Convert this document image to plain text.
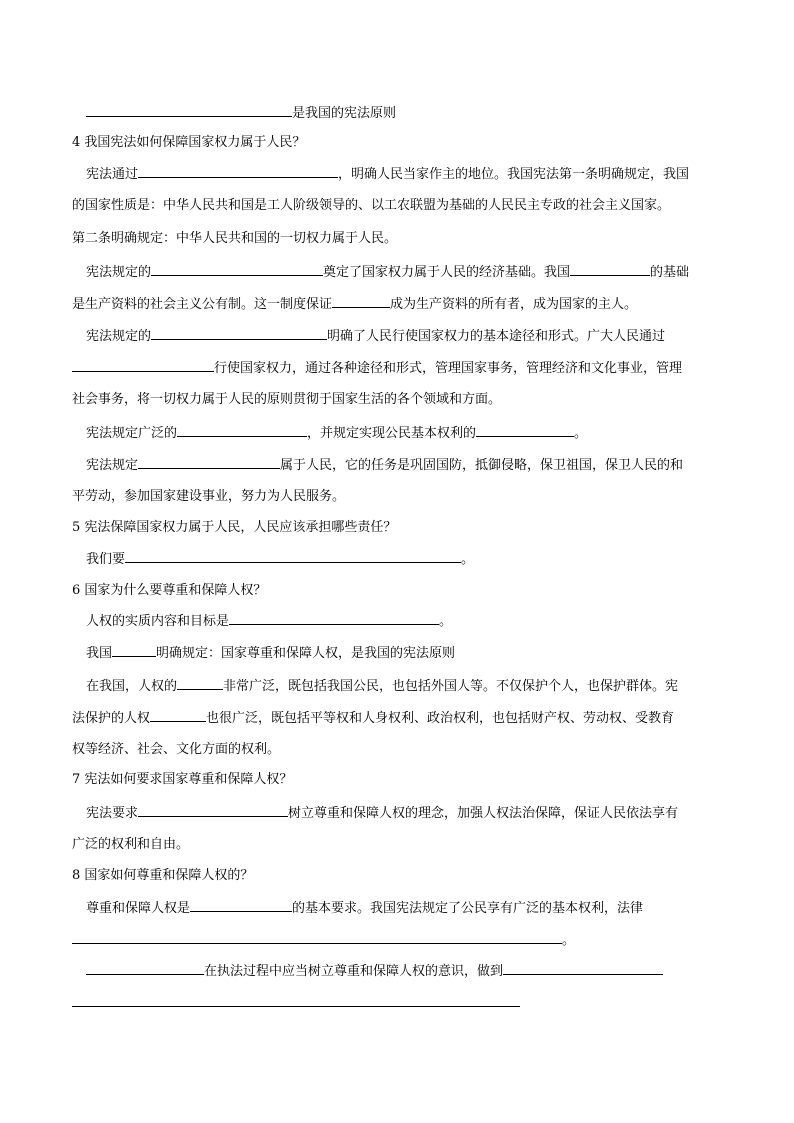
是我国的宪法原则
4 我国宪法如何保障国家权力属于人民？
宪法通过	，明确人民当家作主的地位。我国宪法第一条明确规定，我国
的国家性质是：中华人民共和国是工人阶级领导的、以工农联盟为基础的人民民主专政的社会主义国家。
第二条明确规定：中华人民共和国的一切权力属于人民。
宪法规定的	奠定了国家权力属于人民的经济基础。我国	的基础
是生产资料的社会主义公有制。这一制度保证	成为生产资料的所有者，成为国家的主人。
宪法规定的	明确了人民行使国家权力的基本途径和形式。广大人民通过
行使国家权力，通过各种途径和形式，管理国家事务，管理经济和文化事业，管理
社会事务，将一切权力属于人民的原则贯彻于国家生活的各个领域和方面。
宪法规定广泛的	，并规定实现公民基本权利的	。
宪法规定	属于人民，它的任务是巩固国防，抵御侵略，保卫祖国，保卫人民的和
平劳动，参加国家建设事业，努力为人民服务。
5 宪法保障国家权力属于人民，人民应该承担哪些责任？
我们要	。
6 国家为什么要尊重和保障人权？
人权的实质内容和目标是	。
我国	明确规定：国家尊重和保障人权，是我国的宪法原则
在我国，人权的	非常广泛，既包括我国公民，也包括外国人等。不仅保护个人，也保护群体。宪
法保护的人权	也很广泛，既包括平等权和人身权利、政治权利，也包括财产权、劳动权、受教育
权等经济、社会、文化方面的权利。
7 宪法如何要求国家尊重和保障人权？
宪法要求	树立尊重和保障人权的理念，加强人权法治保障，保证人民依法享有
广泛的权利和自由。
8 国家如何尊重和保障人权的？
尊重和保障人权是	的基本要求。我国宪法规定了公民享有广泛的基本权利，法律
。
在执法过程中应当树立尊重和保障人权的意识，做到
